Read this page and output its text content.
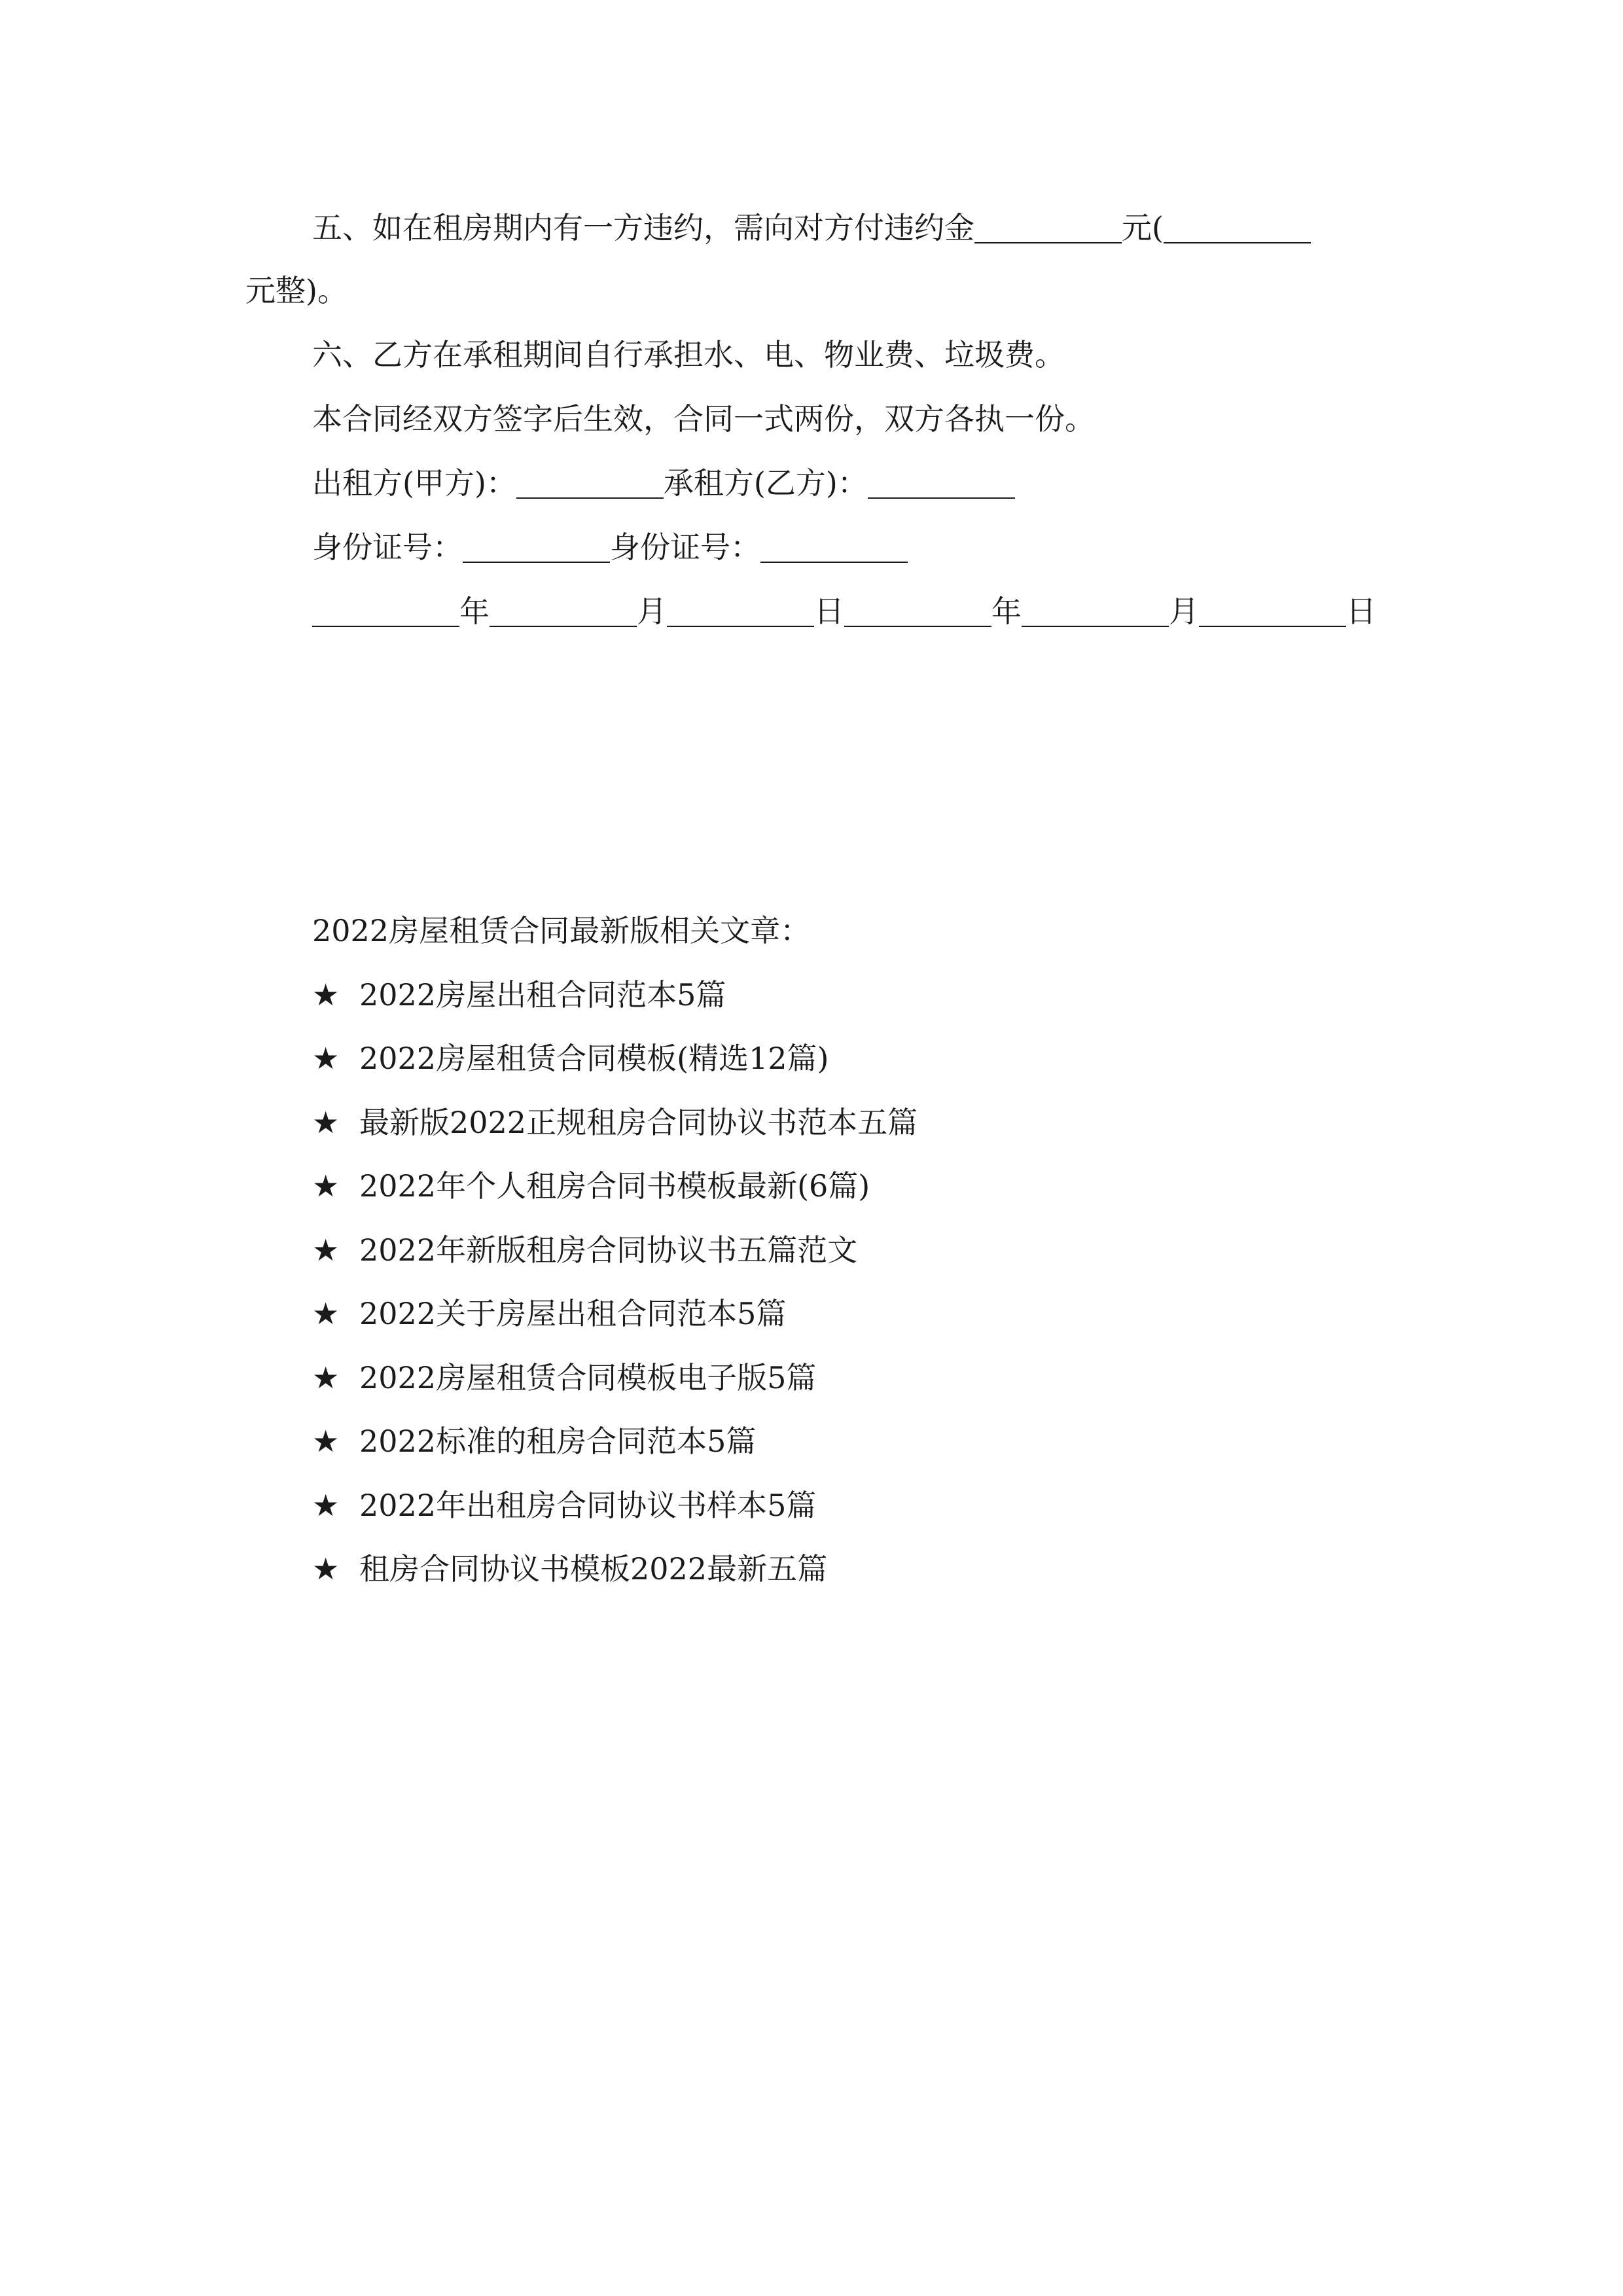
五、如在租房期内有一方违约，需向对方付违约金	元(
元整)。
六、乙方在承租期间自行承担水、电、物业费、垃圾费。
本合同经双方签字后生效，合同一式两份，双方各执一份。
出租方(甲方)：	承租方(乙方)：
身份证号：	身份证号：
年	月	日	年	月	日
2022房屋租赁合同最新版相关文章：
★ 2022房屋出租合同范本5篇
★ 2022房屋租赁合同模板(精选12篇)
★ 最新版2022正规租房合同协议书范本五篇
★ 2022年个人租房合同书模板最新(6篇)
★ 2022年新版租房合同协议书五篇范文
★ 2022关于房屋出租合同范本5篇
★ 2022房屋租赁合同模板电子版5篇
★ 2022标准的租房合同范本5篇
★ 2022年出租房合同协议书样本5篇
★ 租房合同协议书模板2022最新五篇
